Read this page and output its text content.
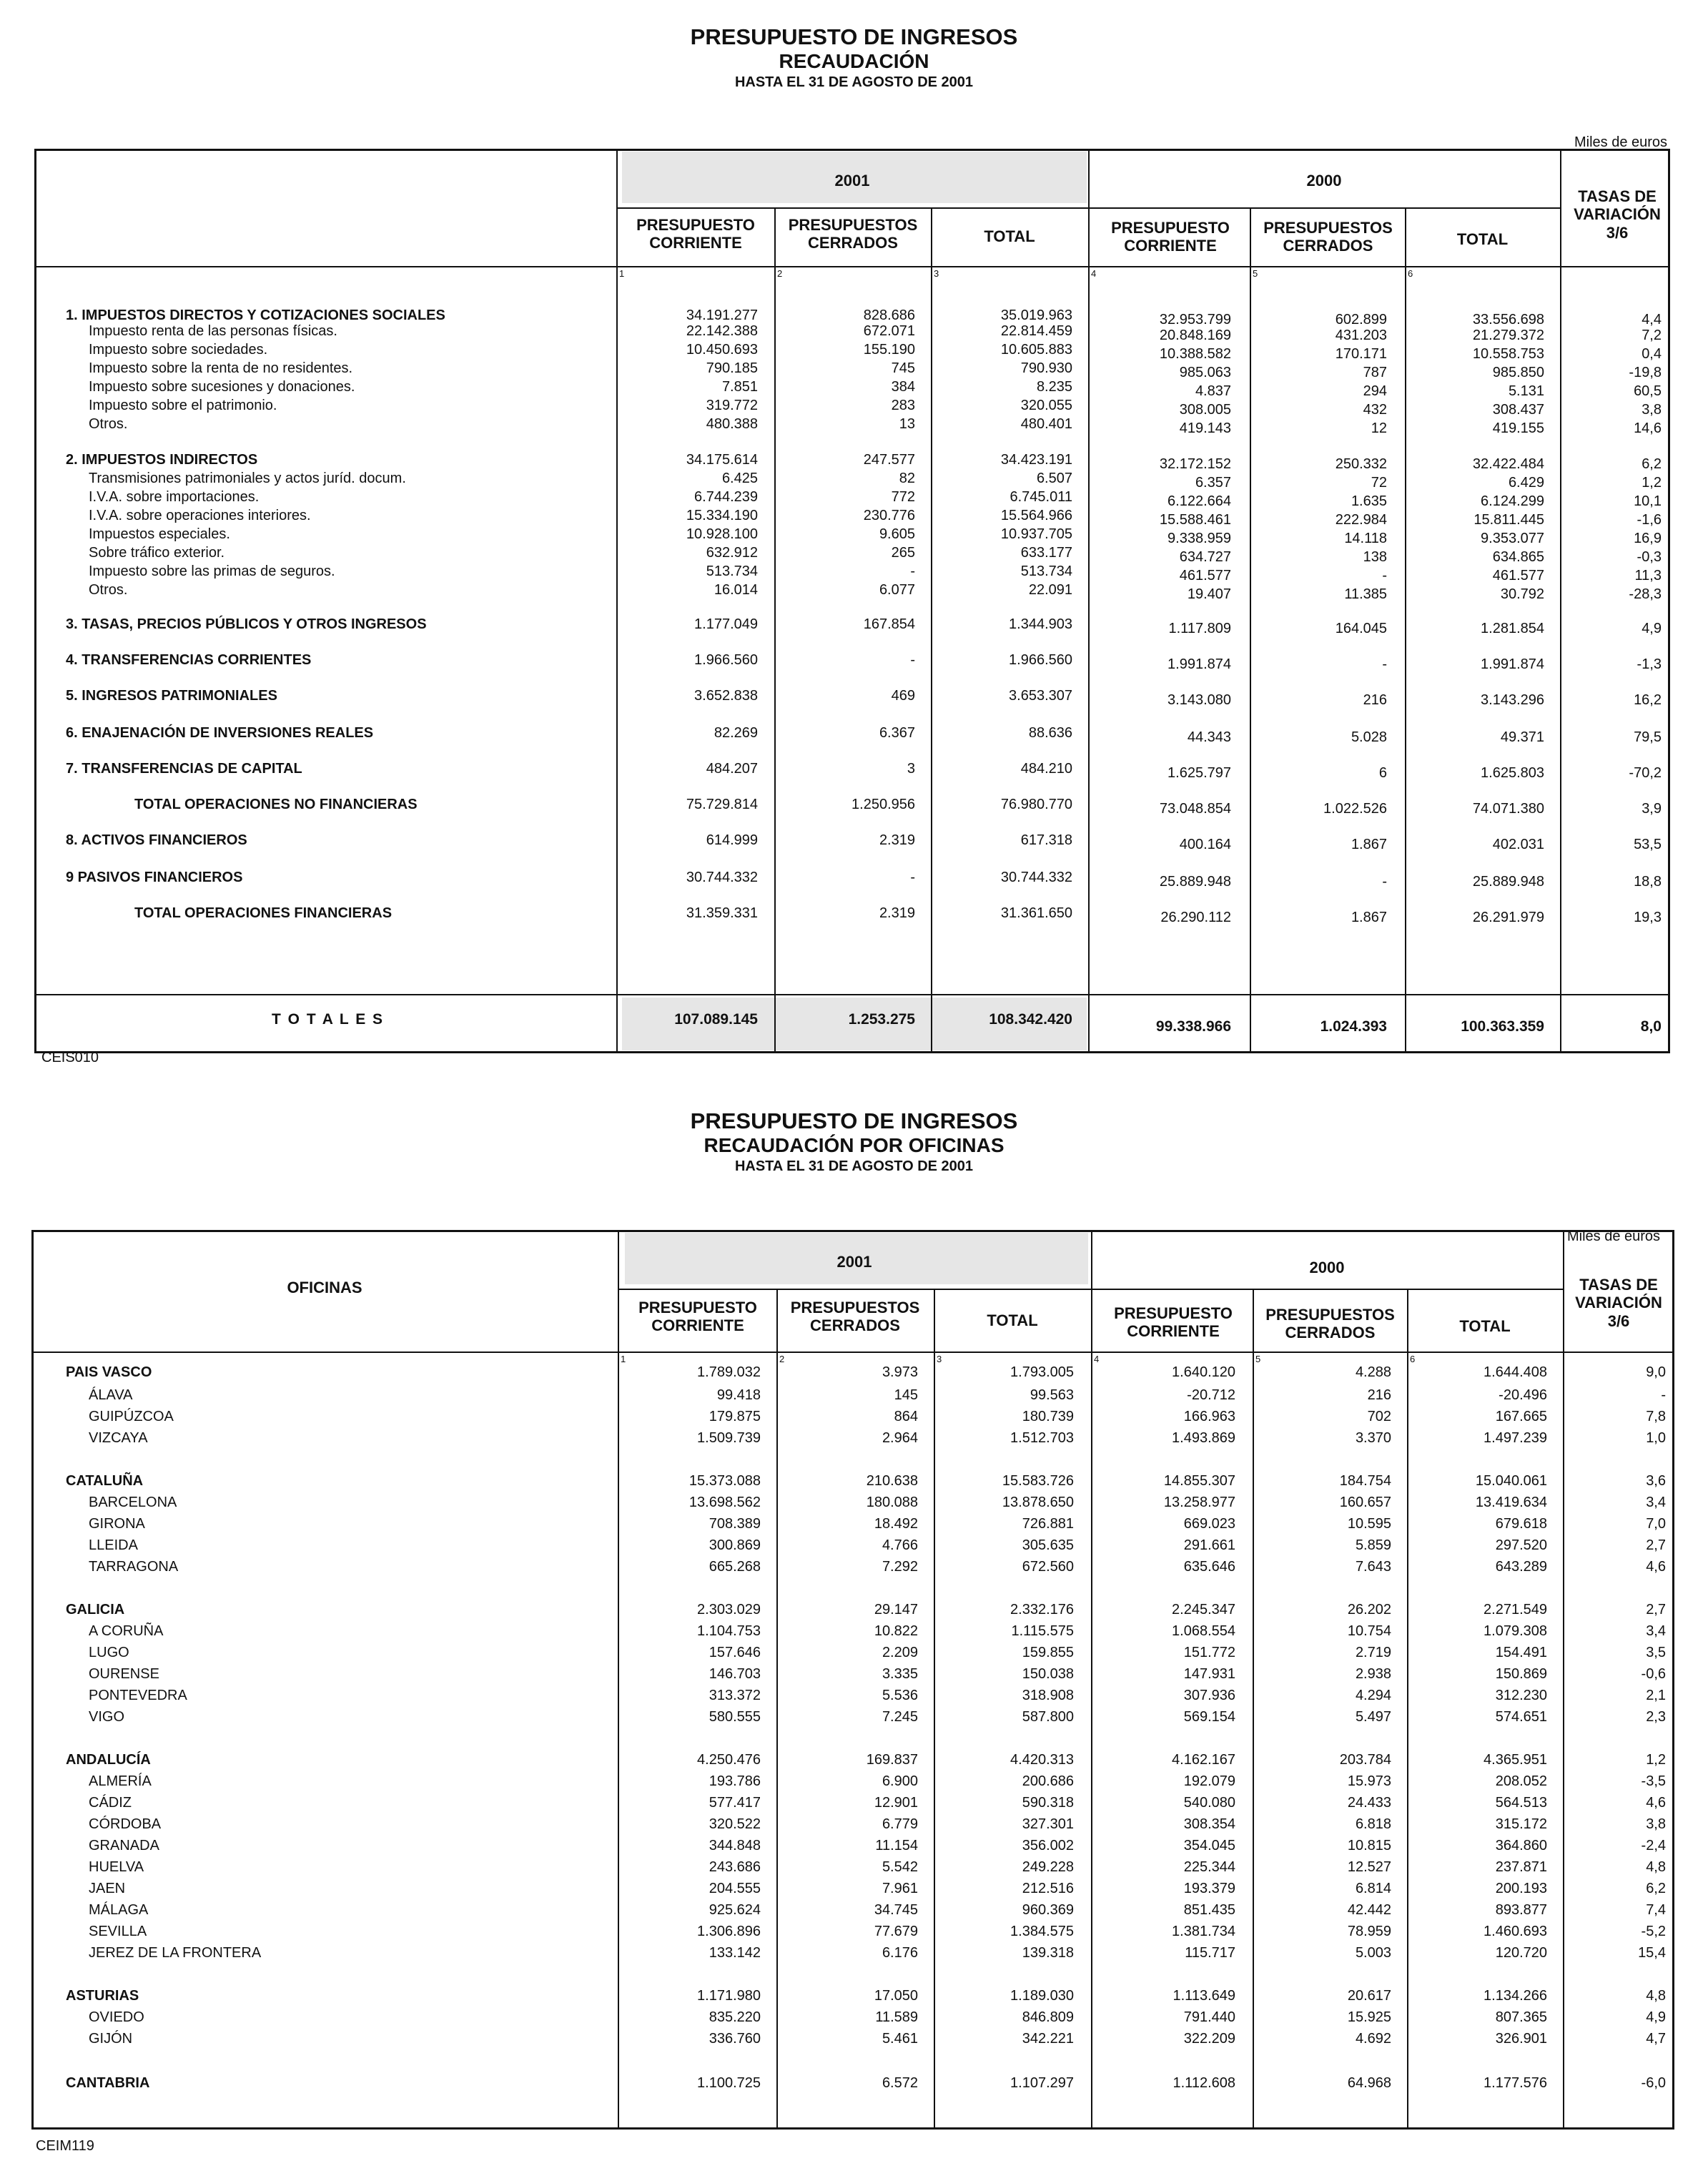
PRESUPUESTO DE INGRESOS
RECAUDACIÓN
HASTA EL 31 DE AGOSTO DE 2001
Miles de euros
2001	2000
PRESUPUESTO CORRIENTE
PRESUPUESTOS CERRADOS	TOTAL	PRESUPUESTO CORRIENTE
PRESUPUESTOS CERRADOS	TOTAL
TASAS DE VARIACIÓN 3/6
1	2	3	4	5	6
1. IMPUESTOS DIRECTOS Y COTIZACIONES SOCIALES	34.191.277	828.686	35.019.963	32.953.799	602.899	33.556.698	4,4
Impuesto renta de las personas físicas.	22.142.388	672.071	22.814.459	20.848.169	431.203	21.279.372	7,2
Impuesto sobre sociedades.	10.450.693	155.190	10.605.883	10.388.582	170.171	10.558.753	0,4
Impuesto sobre la renta de no residentes.	790.185	745	790.930	985.063	787	985.850	-19,8
Impuesto sobre sucesiones y donaciones.	7.851	384	8.235	4.837	294	5.131	60,5
Impuesto sobre el patrimonio.	319.772	283	320.055	308.005	432	308.437	3,8
Otros.	480.388	13	480.401	419.143	12	419.155	14,6
2. IMPUESTOS INDIRECTOS	34.175.614	247.577	34.423.191	32.172.152	250.332	32.422.484	6,2
Transmisiones patrimoniales y actos juríd. docum.	6.425	82	6.507	6.357	72	6.429	1,2
I.V.A. sobre importaciones.	6.744.239	772	6.745.011	6.122.664	1.635	6.124.299	10,1
I.V.A. sobre operaciones interiores.	15.334.190	230.776	15.564.966	15.588.461	222.984	15.811.445	-1,6
Impuestos especiales.	10.928.100	9.605	10.937.705	9.338.959	14.118	9.353.077	16,9
Sobre tráfico exterior.	632.912	265	633.177	634.727	138	634.865	-0,3
Impuesto sobre las primas de seguros.	513.734	-	513.734	461.577	-	461.577	11,3
Otros.	16.014	6.077	22.091	19.407	11.385	30.792	-28,3
3. TASAS, PRECIOS PÚBLICOS Y OTROS INGRESOS	1.177.049	167.854	1.344.903	1.117.809	164.045	1.281.854	4,9
4. TRANSFERENCIAS CORRIENTES	1.966.560	-	1.966.560	1.991.874	-	1.991.874	-1,3
5. INGRESOS PATRIMONIALES	3.652.838	469	3.653.307	3.143.080	216	3.143.296	16,2
6. ENAJENACIÓN DE INVERSIONES REALES	82.269	6.367	88.636	44.343	5.028	49.371	79,5
7. TRANSFERENCIAS DE CAPITAL	484.207	3	484.210	1.625.797	6	1.625.803	-70,2
TOTAL OPERACIONES NO FINANCIERAS	75.729.814	1.250.956	76.980.770	73.048.854	1.022.526	74.071.380	3,9
8. ACTIVOS FINANCIEROS	614.999	2.319	617.318	400.164	1.867	402.031	53,5
9 PASIVOS FINANCIEROS	30.744.332	-	30.744.332	25.889.948	-	25.889.948	18,8
TOTAL OPERACIONES FINANCIERAS	31.359.331	2.319	31.361.650	26.290.112	1.867	26.291.979	19,3
T O T A L E S	107.089.145	1.253.275	108.342.420	99.338.966	1.024.393	100.363.359	8,0
CEIS010
PRESUPUESTO DE INGRESOS
RECAUDACIÓN POR OFICINAS
HASTA EL 31 DE AGOSTO DE 2001
Miles de euros
OFICINAS
2001	2000
PRESUPUESTO CORRIENTE
PRESUPUESTOS CERRADOS	TOTAL	PRESUPUESTO CORRIENTE
PRESUPUESTOS CERRADOS	TOTAL
TASAS DE VARIACIÓN 3/6
1	2	3	4	5	6
PAIS VASCO	1.789.032	3.973	1.793.005	1.640.120	4.288	1.644.408	9,0
ÁLAVA	99.418	145	99.563	-20.712	216	-20.496	-
GUIPÚZCOA	179.875	864	180.739	166.963	702	167.665	7,8
VIZCAYA	1.509.739	2.964	1.512.703	1.493.869	3.370	1.497.239	1,0
CATALUÑA	15.373.088	210.638	15.583.726	14.855.307	184.754	15.040.061	3,6
BARCELONA	13.698.562	180.088	13.878.650	13.258.977	160.657	13.419.634	3,4
GIRONA	708.389	18.492	726.881	669.023	10.595	679.618	7,0
LLEIDA	300.869	4.766	305.635	291.661	5.859	297.520	2,7
TARRAGONA	665.268	7.292	672.560	635.646	7.643	643.289	4,6
GALICIA	2.303.029	29.147	2.332.176	2.245.347	26.202	2.271.549	2,7
A CORUÑA	1.104.753	10.822	1.115.575	1.068.554	10.754	1.079.308	3,4
LUGO	157.646	2.209	159.855	151.772	2.719	154.491	3,5
OURENSE	146.703	3.335	150.038	147.931	2.938	150.869	-0,6
PONTEVEDRA	313.372	5.536	318.908	307.936	4.294	312.230	2,1
VIGO	580.555	7.245	587.800	569.154	5.497	574.651	2,3
ANDALUCÍA	4.250.476	169.837	4.420.313	4.162.167	203.784	4.365.951	1,2
ALMERÍA	193.786	6.900	200.686	192.079	15.973	208.052	-3,5
CÁDIZ	577.417	12.901	590.318	540.080	24.433	564.513	4,6
CÓRDOBA	320.522	6.779	327.301	308.354	6.818	315.172	3,8
GRANADA	344.848	11.154	356.002	354.045	10.815	364.860	-2,4
HUELVA	243.686	5.542	249.228	225.344	12.527	237.871	4,8
JAEN	204.555	7.961	212.516	193.379	6.814	200.193	6,2
MÁLAGA	925.624	34.745	960.369	851.435	42.442	893.877	7,4
SEVILLA	1.306.896	77.679	1.384.575	1.381.734	78.959	1.460.693	-5,2
JEREZ DE LA FRONTERA	133.142	6.176	139.318	115.717	5.003	120.720	15,4
ASTURIAS	1.171.980	17.050	1.189.030	1.113.649	20.617	1.134.266	4,8
OVIEDO	835.220	11.589	846.809	791.440	15.925	807.365	4,9
GIJÓN	336.760	5.461	342.221	322.209	4.692	326.901	4,7
CANTABRIA	1.100.725	6.572	1.107.297	1.112.608	64.968	1.177.576	-6,0
CEIM119
